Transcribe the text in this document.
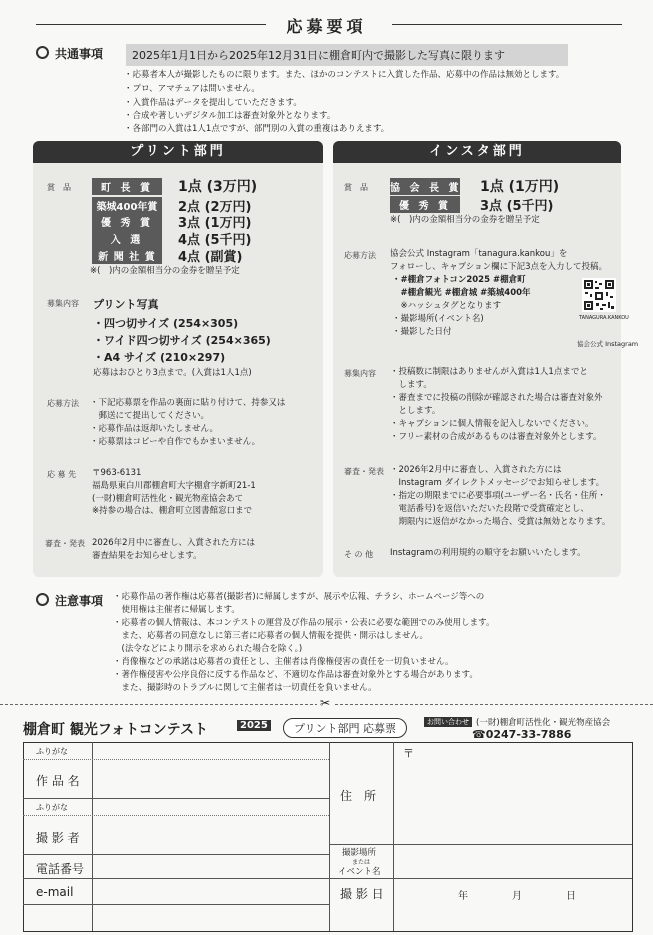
応募要項
共通事項	2025年1月1日から2025年12月31日に棚倉町内で撮影した写真に限ります
・応募者本人が撮影したものに限ります。また、ほかのコンテストに入賞した作品、応募中の作品は無効とします。
・プロ、アマチュアは問いません。
・入賞作品はデータを提出していただきます。
・合成や著しいデジタル加工は審査対象外となります。
・各部門の入賞は1人1点ですが、部門別の入賞の重複はありえます。
プリント部門
賞　品	町 長 賞	1点 (3万円)
築城400年賞	2点 (2万円)
優 秀 賞	3点 (1万円)
入 選	4点 (5千円)
新 聞 社 賞	4点 (副賞)
※(　)内の金額相当分の金券を贈呈予定
募集内容 プリント写真
・四つ切サイズ (254×305)
・ワイド四つ切サイズ (254×365)
・A4 サイズ (210×297)
応募はおひとり3点まで。(入賞は1人1点)
応募方法 ・下記応募票を作品の裏面に貼り付けて、持参又は
　郵送にて提出してください。
・応募作品は返却いたしません。
・応募票はコピーや自作でもかまいません。
応 募 先 〒963-6131
福島県東白川郡棚倉町大字棚倉字新町21-1
(一財)棚倉町活性化・観光物産協会あて
※持参の場合は、棚倉町立図書館窓口まで
審査・発表 2026年2月中に審査し、入賞された方には
審査結果をお知らせします。
インスタ部門
賞　品 協 会 長 賞 1点 (1万円)
優 秀 賞	3点 (5千円)
※(　)内の金額相当分の金券を贈呈予定
応募方法 協会公式 Instagram「tanagura.kankou」を
フォローし、キャプション欄に下記3点を入力して投稿。
・#棚倉フォトコン2025 #棚倉町
　#棚倉観光 #棚倉城 #築城400年
　※ハッシュタグとなります
・撮影場所(イベント名)
・撮影した日付
TANAGURA.KANKOU
協会公式 Instagram
募集内容 ・投稿数に制限はありませんが入賞は1人1点までと
　します。
・審査までに投稿の削除が確認された場合は審査対象外
　とします。
・キャプションに個人情報を記入しないでください。
・フリー素材の合成があるものは審査対象外とします。
審査・発表 ・2026年2月中に審査し、入賞された方には
　Instagram ダイレクトメッセージでお知らせします。
・指定の期限までに必要事項(ユーザー名・氏名・住所・
　電話番号)を返信いただいた段階で受賞確定とし、
　期限内に返信がなかった場合、受賞は無効となります。
そ の 他 Instagramの利用規約の順守をお願いいたします。
注意事項 ・応募作品の著作権は応募者(撮影者)に帰属しますが、展示や広報、チラシ、ホームページ等への
　使用権は主催者に帰属します。
・応募者の個人情報は、本コンテストの運営及び作品の展示・公表に必要な範囲でのみ使用します。
　また、応募者の同意なしに第三者に応募者の個人情報を提供・開示はしません。
　(法令などにより開示を求められた場合を除く。)
・肖像権などの承諾は応募者の責任とし、主催者は肖像権侵害の責任を一切負いません。
・著作権侵害や公序良俗に反する作品など、不適切な作品は審査対象外とする場合があります。
　また、撮影時のトラブルに関して主催者は一切責任を負いません。
✂
棚倉町 観光フォトコンテスト	2025	プリント部門 応募票	お問い合わせ (一財)棚倉町活性化・観光物産協会
☎0247-33-7886
ふりがな
作 品 名
ふりがな
撮 影 者
電話番号
e-mail
〒
住　所
撮影場所
または
イベント名
撮 影 日	年	月	日
